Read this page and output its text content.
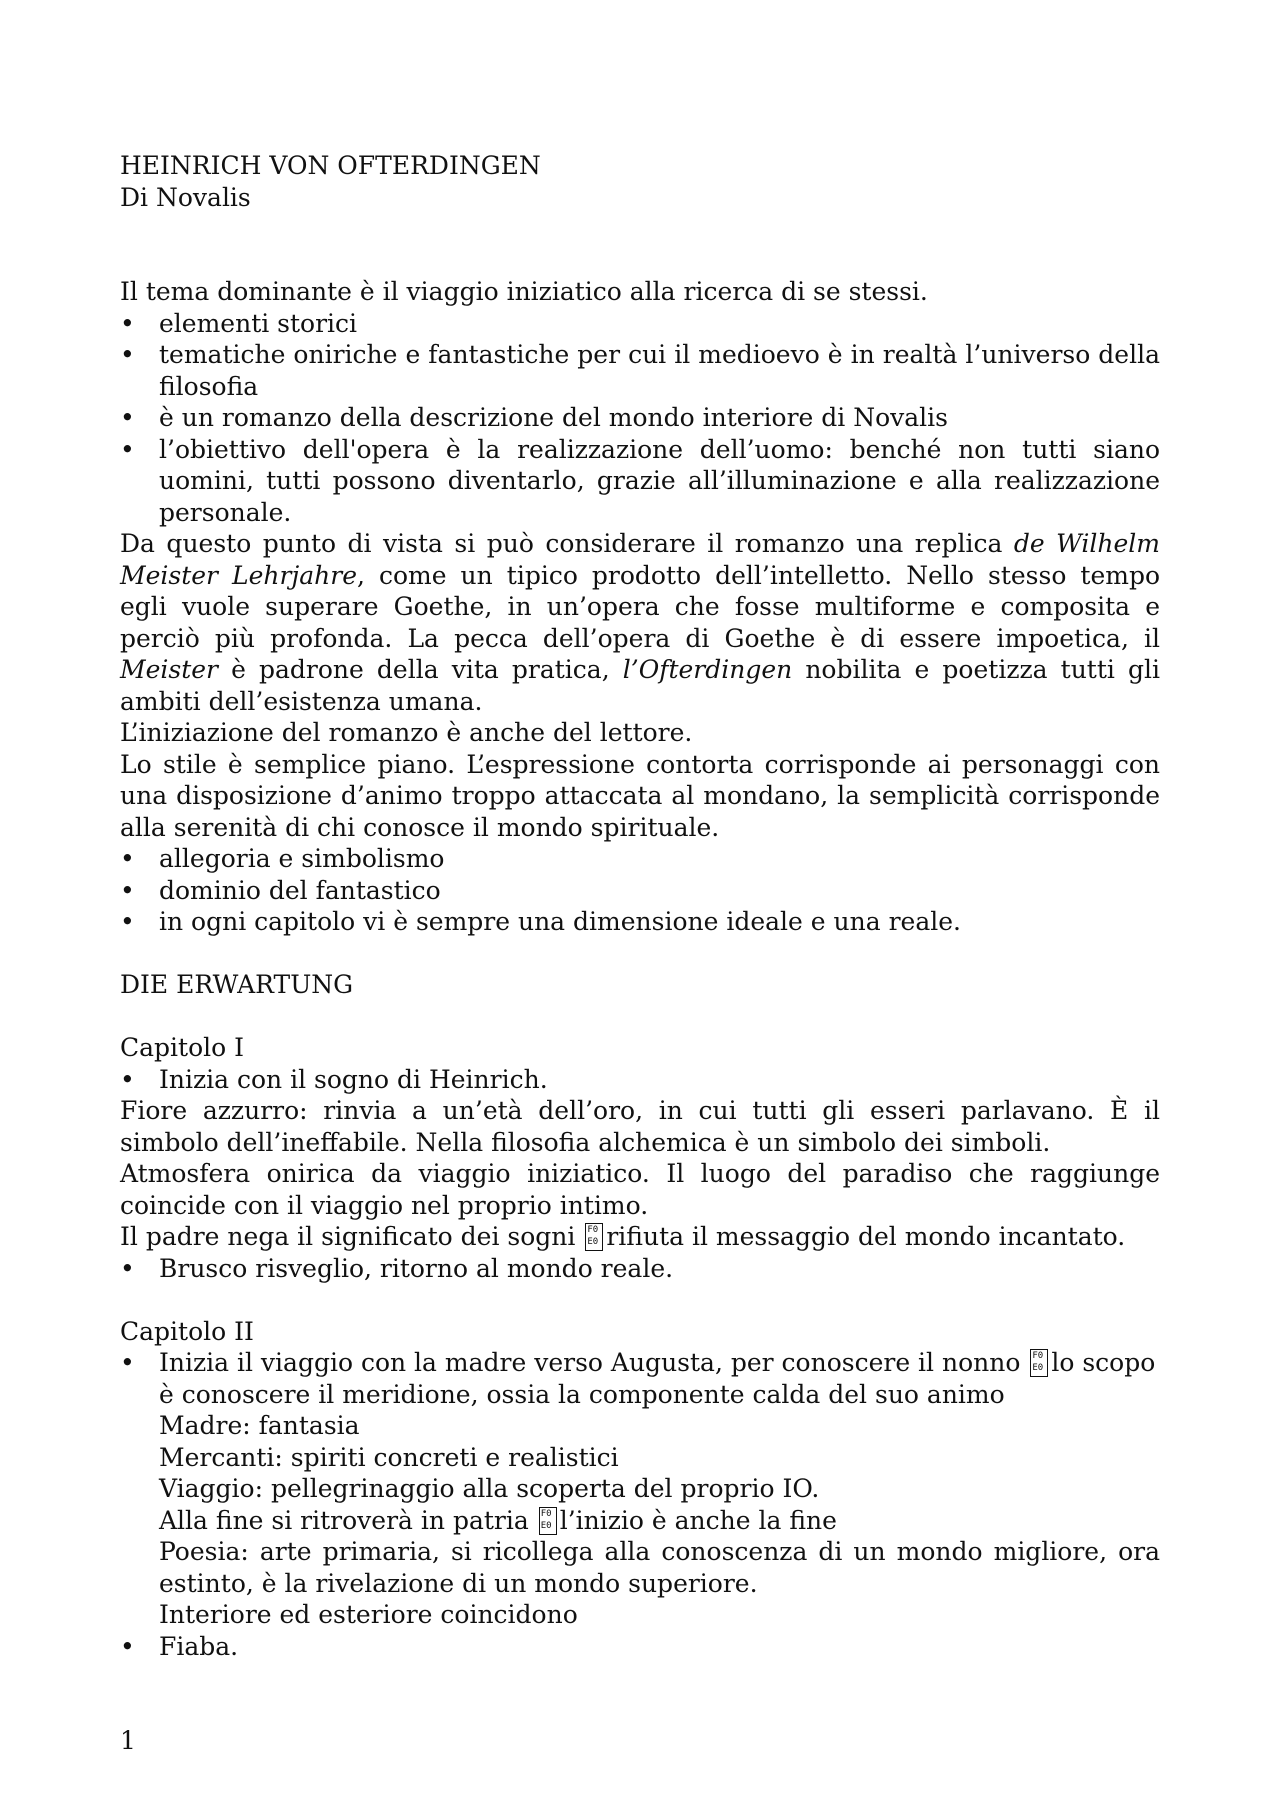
HEINRICH VON OFTERDINGEN

Di Novalis

Il tema dominante è il viaggio iniziatico alla ricerca di se stessi.

• elementi storici
• tematiche oniriche e fantastiche per cui il medioevo è in realtà l’universo della filosofia
• è un romanzo della descrizione del mondo interiore di Novalis
• l’obiettivo dell'opera è la realizzazione dell’uomo: benché non tutti siano uomini, tutti possono diventarlo, grazie all’illuminazione e alla realizzazione personale.

Da questo punto di vista si può considerare il romanzo una replica de Wilhelm Meister Lehrjahre, come un tipico prodotto dell’intelletto. Nello stesso tempo egli vuole superare Goethe, in un’opera che fosse multiforme e composita e perciò più profonda. La pecca dell’opera di Goethe è di essere impoetica, il Meister è padrone della vita pratica, l’Ofterdingen nobilita e poetizza tutti gli ambiti dell’esistenza umana.

L’iniziazione del romanzo è anche del lettore.

Lo stile è semplice piano. L’espressione contorta corrisponde ai personaggi con una disposizione d’animo troppo attaccata al mondano, la semplicità corrisponde alla serenità di chi conosce il mondo spirituale.

• allegoria e simbolismo
• dominio del fantastico
• in ogni capitolo vi è sempre una dimensione ideale e una reale.

DIE ERWARTUNG

Capitolo I

• Inizia con il sogno di Heinrich.

Fiore azzurro: rinvia a un’età dell’oro, in cui tutti gli esseri parlavano. È il simbolo dell’ineffabile. Nella filosofia alchemica è un simbolo dei simboli.

Atmosfera onirica da viaggio iniziatico. Il luogo del paradiso che raggiunge coincide con il viaggio nel proprio intimo.

Il padre nega il significato dei sogni F0 E0rifiuta il messaggio del mondo incantato.

• Brusco risveglio, ritorno al mondo reale.

Capitolo II

• Inizia il viaggio con la madre verso Augusta, per conoscere il nonno F0 E0lo scopo è conoscere il meridione, ossia la componente calda del suo animo
Madre: fantasia
Mercanti: spiriti concreti e realistici
Viaggio: pellegrinaggio alla scoperta del proprio IO.
Alla fine si ritroverà in patria F0 E0l’inizio è anche la fine
Poesia: arte primaria, si ricollega alla conoscenza di un mondo migliore, ora estinto, è la rivelazione di un mondo superiore.
Interiore ed esteriore coincidono
• Fiaba.
1
